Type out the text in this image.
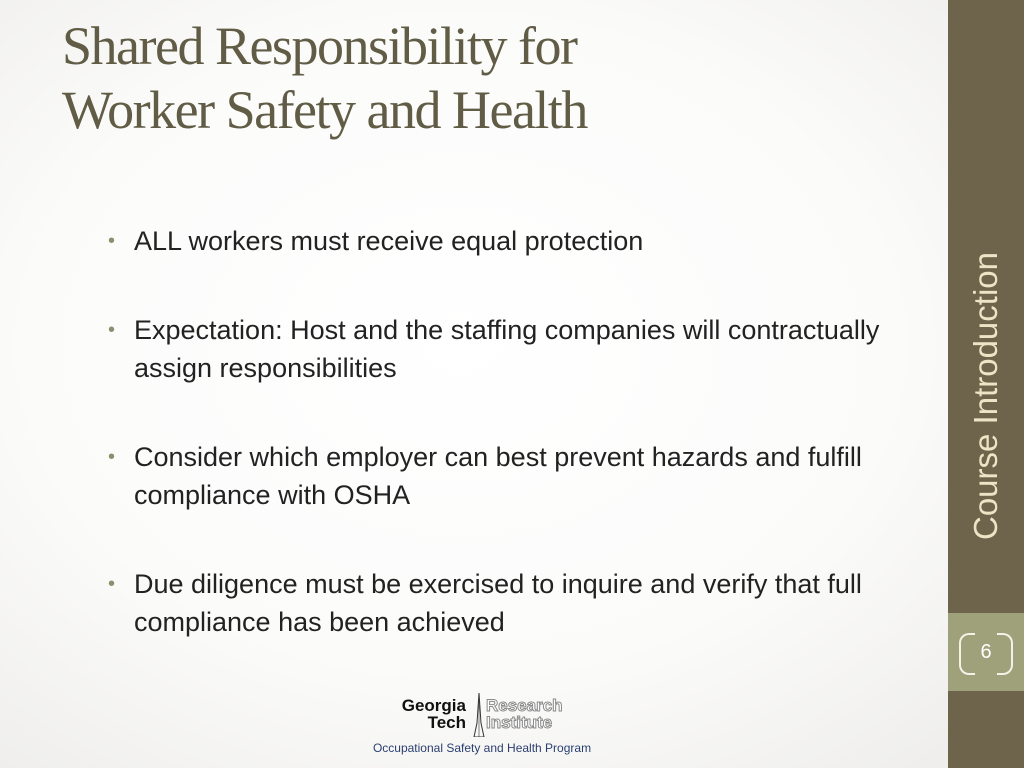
Shared Responsibility for
Worker Safety and Health
• ALL workers must receive equal protection
• Expectation: Host and the staffing companies will contractually assign responsibilities
• Consider which employer can best prevent hazards and fulfill compliance with OSHA
• Due diligence must be exercised to inquire and verify that full compliance has been achieved
Course Introduction
6
Georgia
Tech
Research
Institute
Occupational Safety and Health Program
